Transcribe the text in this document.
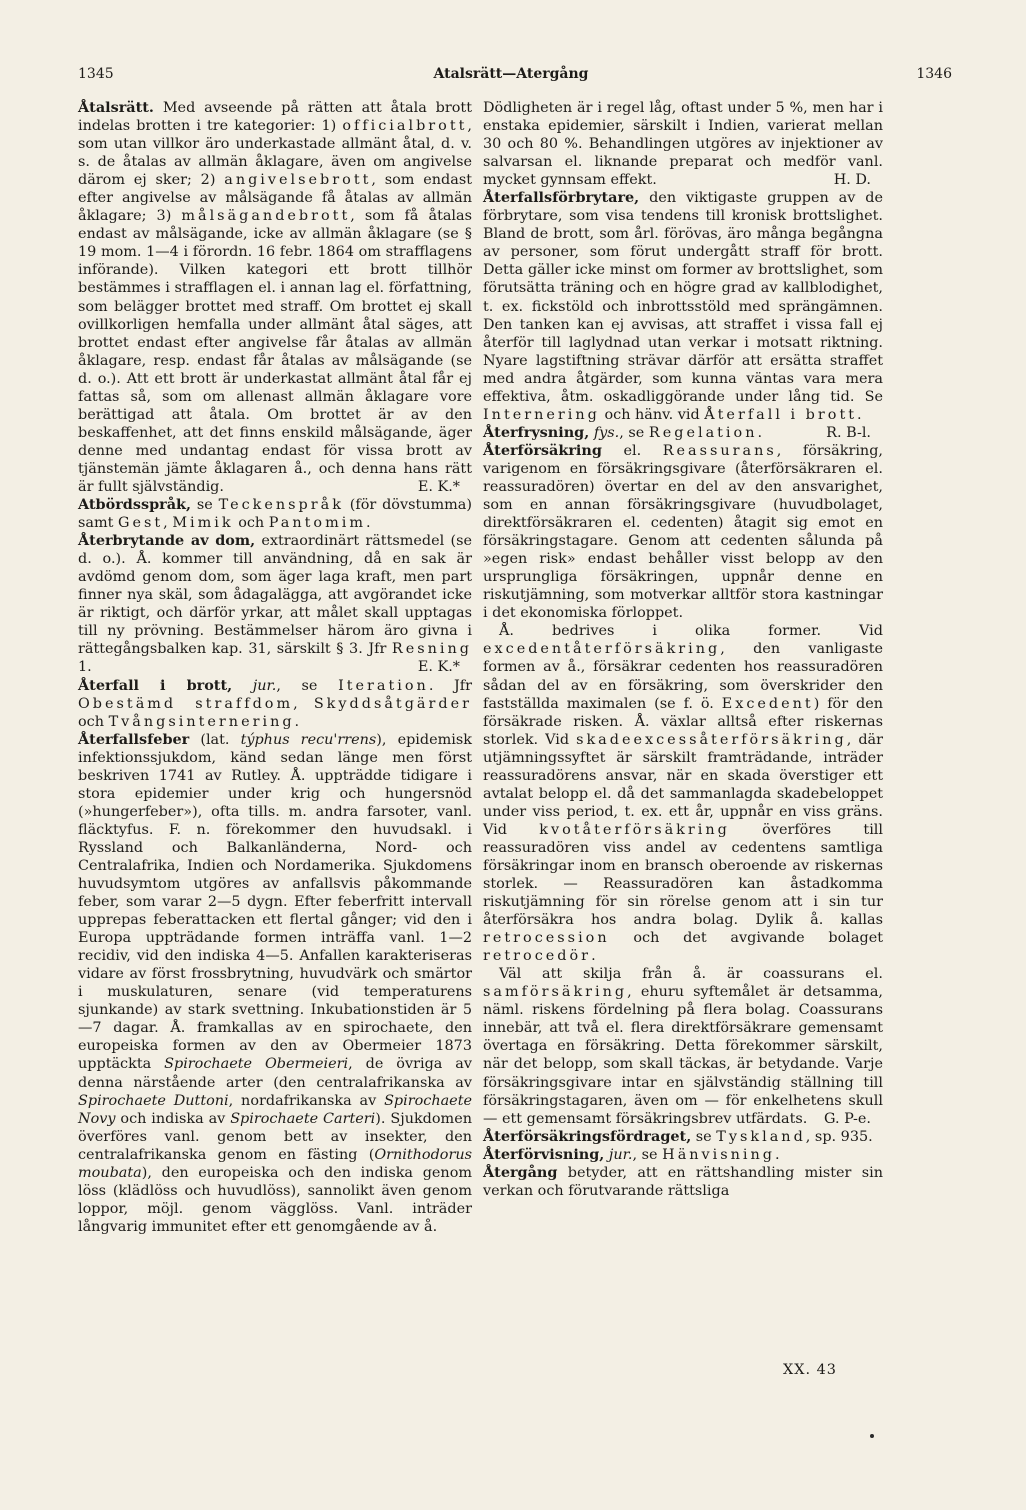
1345	Atalsrätt—Atergång	1346

Åtalsrätt. Med avseende på rätten att åtala brott indelas brotten i tre kategorier: 1) officialbrott, som utan villkor äro underkastade allmänt åtal, d. v. s. de åtalas av allmän åklagare, även om angivelse därom ej sker; 2) angivelsebrott, som endast efter angivelse av målsägande få åtalas av allmän åklagare; 3) målsägandebrott, som få åtalas endast av målsägande, icke av allmän åklagare (se § 19 mom. 1—4 i förordn. 16 febr. 1864 om strafflagens införande). Vilken kategori ett brott tillhör bestämmes i strafflagen el. i annan lag el. författning, som belägger brottet med straff. Om brottet ej skall ovillkorligen hemfalla under allmänt åtal säges, att brottet endast efter angivelse får åtalas av allmän åklagare, resp. endast får åtalas av målsägande (se d. o.). Att ett brott är underkastat allmänt åtal får ej fattas så, som om allenast allmän åklagare vore berättigad att åtala. Om brottet är av den beskaffenhet, att det finns enskild målsägande, äger denne med undantag endast för vissa brott av tjänstemän jämte åklagaren å., och denna hans rätt är fullt självständig.	E. K.*

Atbördsspråk, se Teckenspråk (för dövstumma) samt Gest, Mimik och Pantomim.

Återbrytande av dom, extraordinärt rättsmedel (se d. o.). Å. kommer till användning, då en sak är avdömd genom dom, som äger laga kraft, men part finner nya skäl, som ådagalägga, att avgörandet icke är riktigt, och därför yrkar, att målet skall upptagas till ny prövning. Bestämmelser härom äro givna i rättegångsbalken kap. 31, särskilt § 3. Jfr Resning 1.	E. K.*

Återfall i brott, jur., se Iteration. Jfr Obestämd straffdom, Skyddsåtgärder och Tvångsinternering.

Återfallsfeber (lat. týphus recu'rrens), epidemisk infektionssjukdom, känd sedan länge men först beskriven 1741 av Rutley. Å. uppträdde tidigare i stora epidemier under krig och hungersnöd (»hungerfeber»), ofta tills. m. andra farsoter, vanl. fläcktyfus. F. n. förekommer den huvudsakl. i Ryssland och Balkanländerna, Nord- och Centralafrika, Indien och Nordamerika. Sjukdomens huvudsymtom utgöres av anfallsvis påkommande feber, som varar 2—5 dygn. Efter feberfritt intervall upprepas feberattacken ett flertal gånger; vid den i Europa uppträdande formen inträffa vanl. 1—2 recidiv, vid den indiska 4—5. Anfallen karakteriseras vidare av först frossbrytning, huvudvärk och smärtor i muskulaturen, senare (vid temperaturens sjunkande) av stark svettning. Inkubationstiden är 5—7 dagar. Å. framkallas av en spirochaete, den europeiska formen av den av Obermeier 1873 upptäckta Spirochaete Obermeieri, de övriga av denna närstående arter (den centralafrikanska av Spirochaete Duttoni, nordafrikanska av Spirochaete Novy och indiska av Spirochaete Carteri). Sjukdomen överföres vanl. genom bett av insekter, den centralafrikanska genom en fästing (Ornithodorus moubata), den europeiska och den indiska genom löss (klädlöss och huvudlöss), sannolikt även genom loppor, möjl. genom vägglöss. Vanl. inträder långvarig immunitet efter ett genomgående av å.

Dödligheten är i regel låg, oftast under 5 %, men har i enstaka epidemier, särskilt i Indien, varierat mellan 30 och 80 %. Behandlingen utgöres av injektioner av salvarsan el. liknande preparat och medför vanl. mycket gynnsam effekt.	H. D.

Återfallsförbrytare, den viktigaste gruppen av de förbrytare, som visa tendens till kronisk brottslighet. Bland de brott, som årl. förövas, äro många begångna av personer, som förut undergått straff för brott. Detta gäller icke minst om former av brottslighet, som förutsätta träning och en högre grad av kallblodighet, t. ex. fickstöld och inbrottsstöld med sprängämnen. Den tanken kan ej avvisas, att straffet i vissa fall ej återför till laglydnad utan verkar i motsatt riktning. Nyare lagstiftning strävar därför att ersätta straffet med andra åtgärder, som kunna väntas vara mera effektiva, åtm. oskadliggörande under lång tid. Se Internering och hänv. vid Återfall i brott.
R. B-l.

Återfrysning, fys., se Regelation.

Återförsäkring el. Reassurans, försäkring, varigenom en försäkringsgivare (återförsäkraren el. reassuradören) övertar en del av den ansvarighet, som en annan försäkringsgivare (huvudbolaget, direktförsäkraren el. cedenten) åtagit sig emot en försäkringstagare. Genom att cedenten sålunda på »egen risk» endast behåller visst belopp av den ursprungliga försäkringen, uppnår denne en riskutjämning, som motverkar alltför stora kastningar i det ekonomiska förloppet.

Å. bedrives i olika former. Vid excedentåterförsäkring, den vanligaste formen av å., försäkrar cedenten hos reassuradören sådan del av en försäkring, som överskrider den fastställda maximalen (se f. ö. Excedent) för den försäkrade risken. Å. växlar alltså efter riskernas storlek. Vid skadeexcessåterförsäkring, där utjämningssyftet är särskilt framträdande, inträder reassuradörens ansvar, när en skada överstiger ett avtalat belopp el. då det sammanlagda skadebeloppet under viss period, t. ex. ett år, uppnår en viss gräns. Vid kvotåterförsäkring överföres till reassuradören viss andel av cedentens samtliga försäkringar inom en bransch oberoende av riskernas storlek. — Reassuradören kan åstadkomma riskutjämning för sin rörelse genom att i sin tur återförsäkra hos andra bolag. Dylik å. kallas retrocession och det avgivande bolaget retrocedör.

Väl att skilja från å. är coassurans el. samförsäkring, ehuru syftemålet är detsamma, näml. riskens fördelning på flera bolag. Coassurans innebär, att två el. flera direktförsäkrare gemensamt övertaga en försäkring. Detta förekommer särskilt, när det belopp, som skall täckas, är betydande. Varje försäkringsgivare intar en självständig ställning till försäkringstagaren, även om — för enkelhetens skull — ett gemensamt försäkringsbrev utfärdats.	G. P-e.

Återförsäkringsfördraget, se Tyskland, sp. 935.

Återförvisning, jur., se Hänvisning.

Återgång betyder, att en rättshandling mister sin verkan och förutvarande rättsliga

XX. 43
